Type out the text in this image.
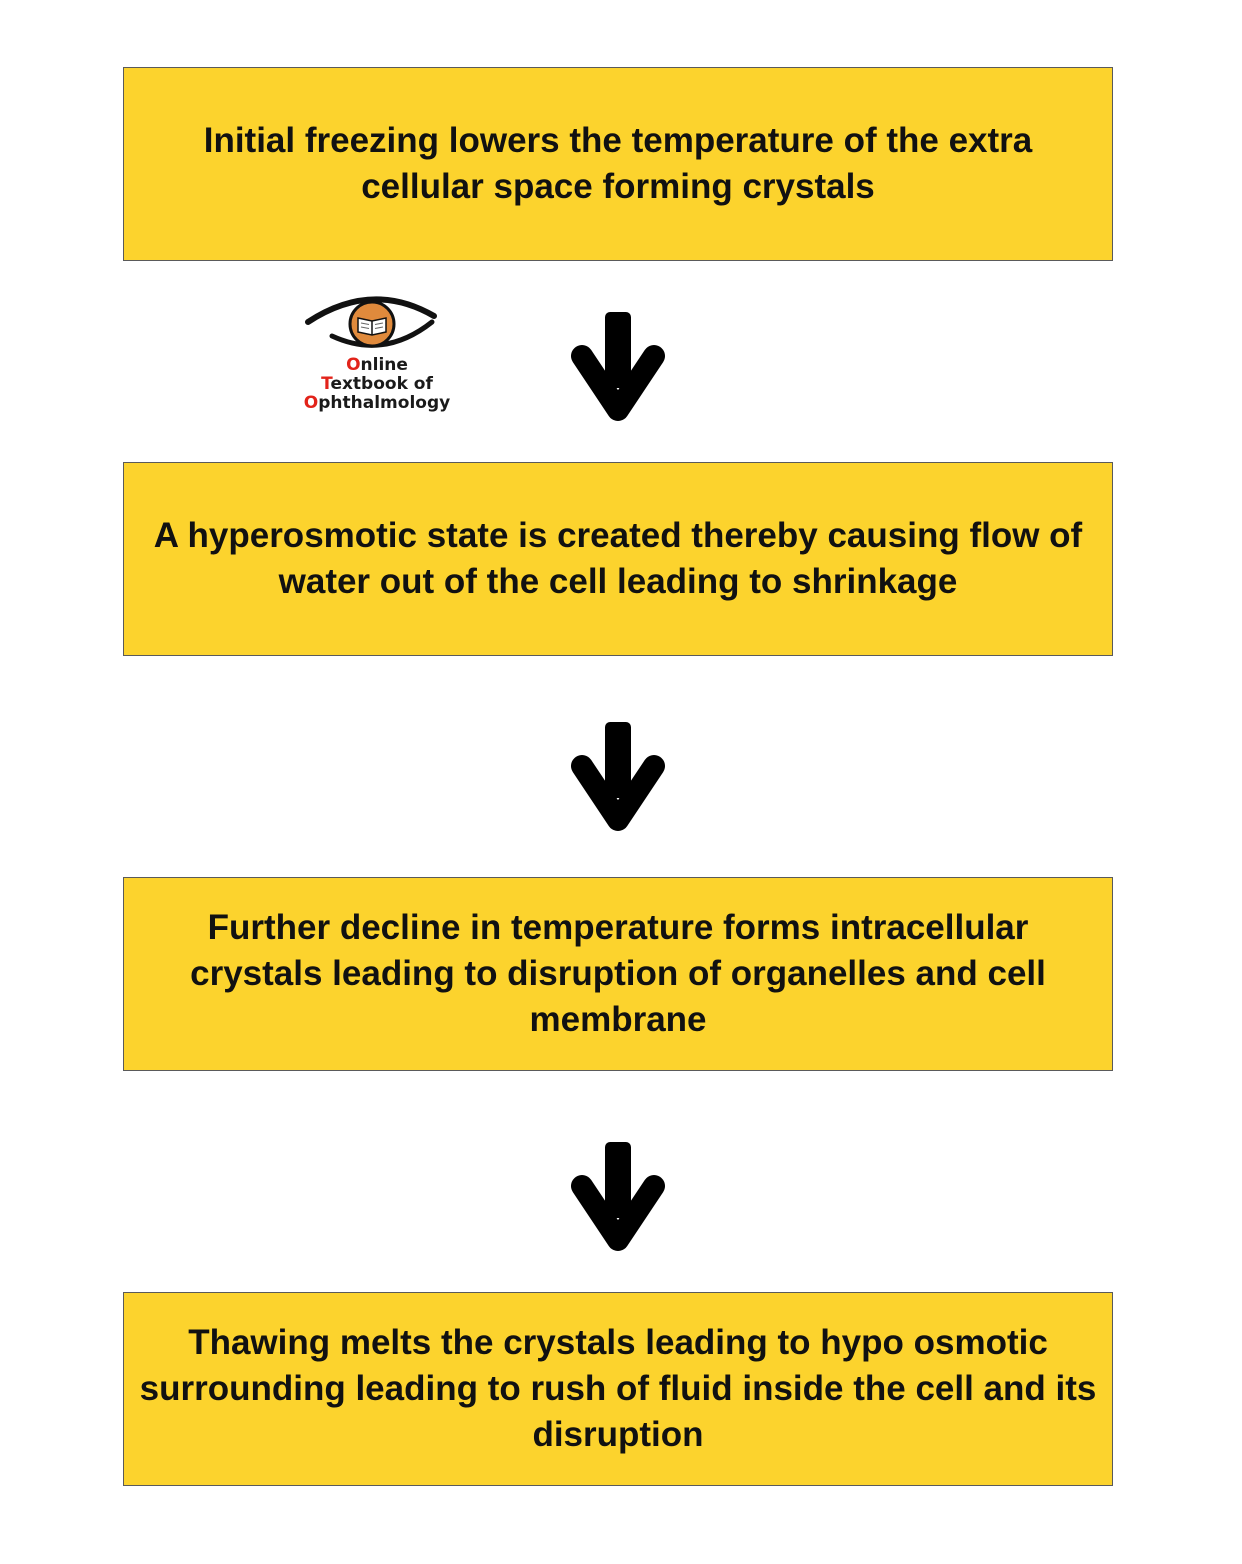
Initial freezing lowers the temperature of the extra cellular space forming crystals
Online
Textbook of
Ophthalmology
A hyperosmotic state is created thereby causing flow of water out of the cell leading to shrinkage
Further decline in temperature forms intracellular crystals leading to disruption of organelles and cell membrane
Thawing melts the crystals leading to hypo osmotic surrounding leading to rush of fluid inside the cell and its disruption
